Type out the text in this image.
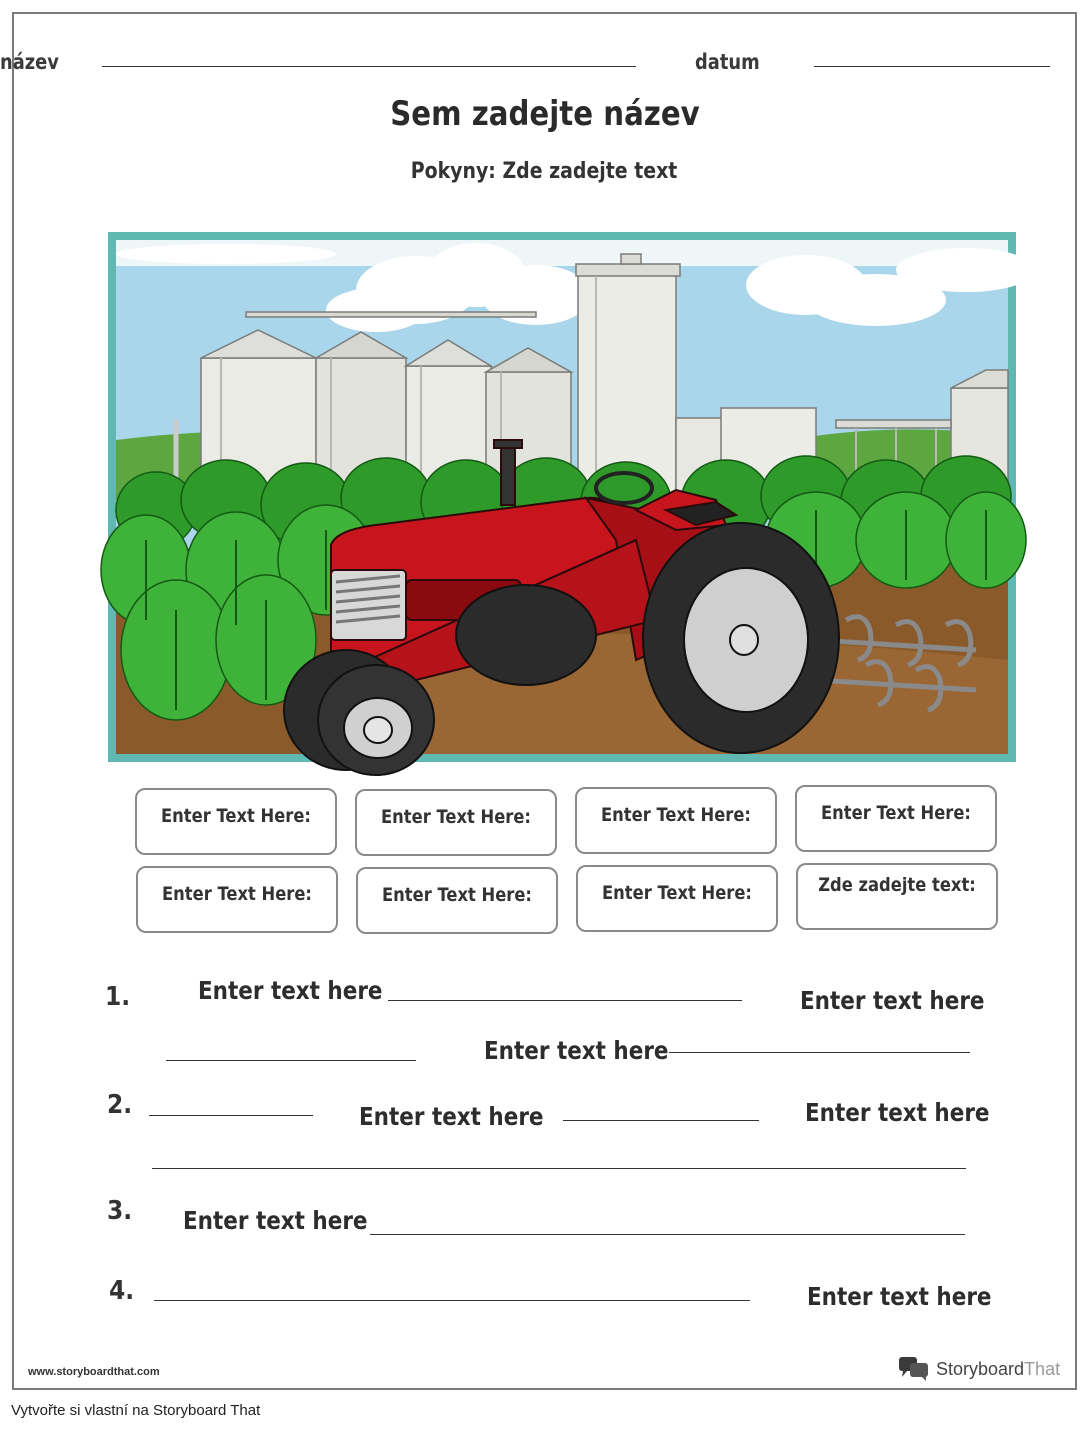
název	datum
Sem zadejte název
Pokyny: Zde zadejte text
Enter Text Here:	Enter Text Here:	Enter Text Here:	Enter Text Here:
Enter Text Here:	Enter Text Here:	Enter Text Here:	Zde zadejte text:
1.	Enter text here	Enter text here
Enter text here
2.	Enter text here	Enter text here
3. Enter text here
4.	Enter text here
www.storyboardthat.com	StoryboardThat
Vytvořte si vlastní na Storyboard That
